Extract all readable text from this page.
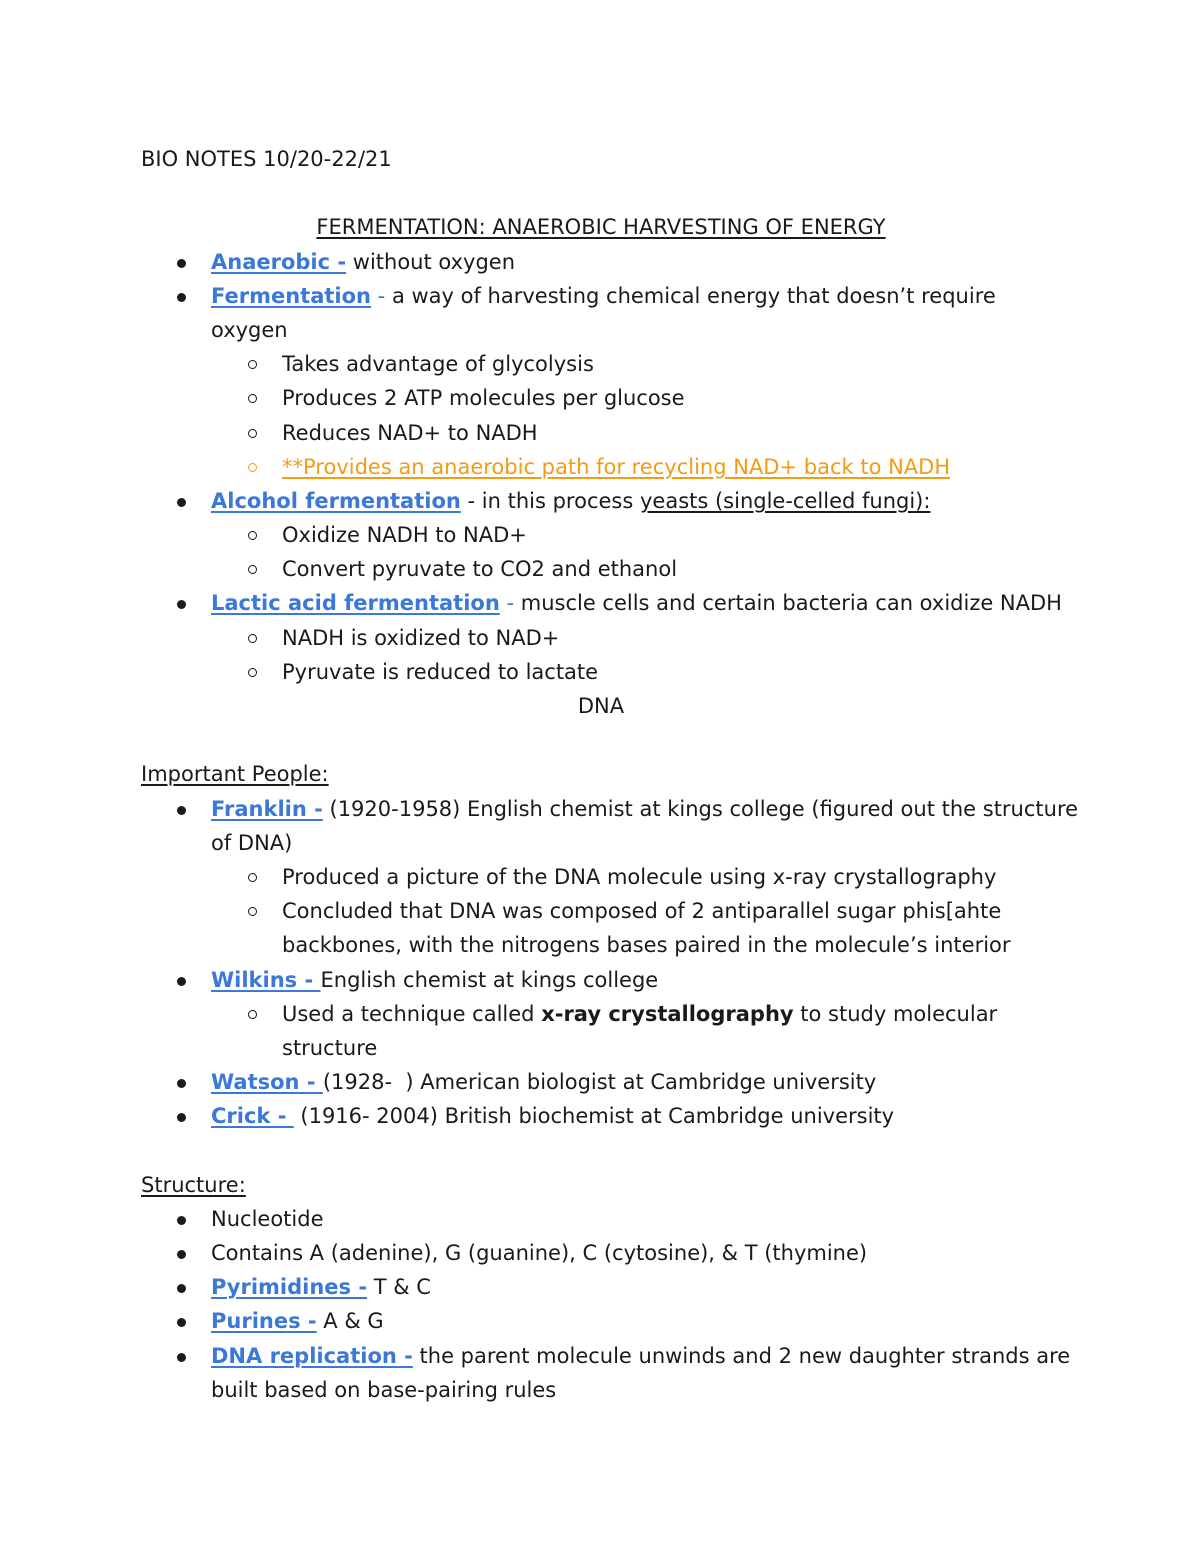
BIO NOTES 10/20-22/21
FERMENTATION: ANAEROBIC HARVESTING OF ENERGY
Anaerobic - without oxygen
Fermentation - a way of harvesting chemical energy that doesn’t require
oxygen
Takes advantage of glycolysis
Produces 2 ATP molecules per glucose
Reduces NAD+ to NADH
**Provides an anaerobic path for recycling NAD+ back to NADH
Alcohol fermentation - in this process yeasts (single-celled fungi):
Oxidize NADH to NAD+
Convert pyruvate to CO2 and ethanol
Lactic acid fermentation - muscle cells and certain bacteria can oxidize NADH
NADH is oxidized to NAD+
Pyruvate is reduced to lactate
DNA
Important People:
Franklin - (1920-1958) English chemist at kings college (figured out the structure
of DNA)
Produced a picture of the DNA molecule using x-ray crystallography
Concluded that DNA was composed of 2 antiparallel sugar phis[ahte
backbones, with the nitrogens bases paired in the molecule’s interior
Wilkins - English chemist at kings college
Used a technique called x-ray crystallography to study molecular
structure
Watson - (1928-  ) American biologist at Cambridge university
Crick -  (1916- 2004) British biochemist at Cambridge university
Structure:
Nucleotide
Contains A (adenine), G (guanine), C (cytosine), & T (thymine)
Pyrimidines - T & C
Purines - A & G
DNA replication - the parent molecule unwinds and 2 new daughter strands are
built based on base-pairing rules
